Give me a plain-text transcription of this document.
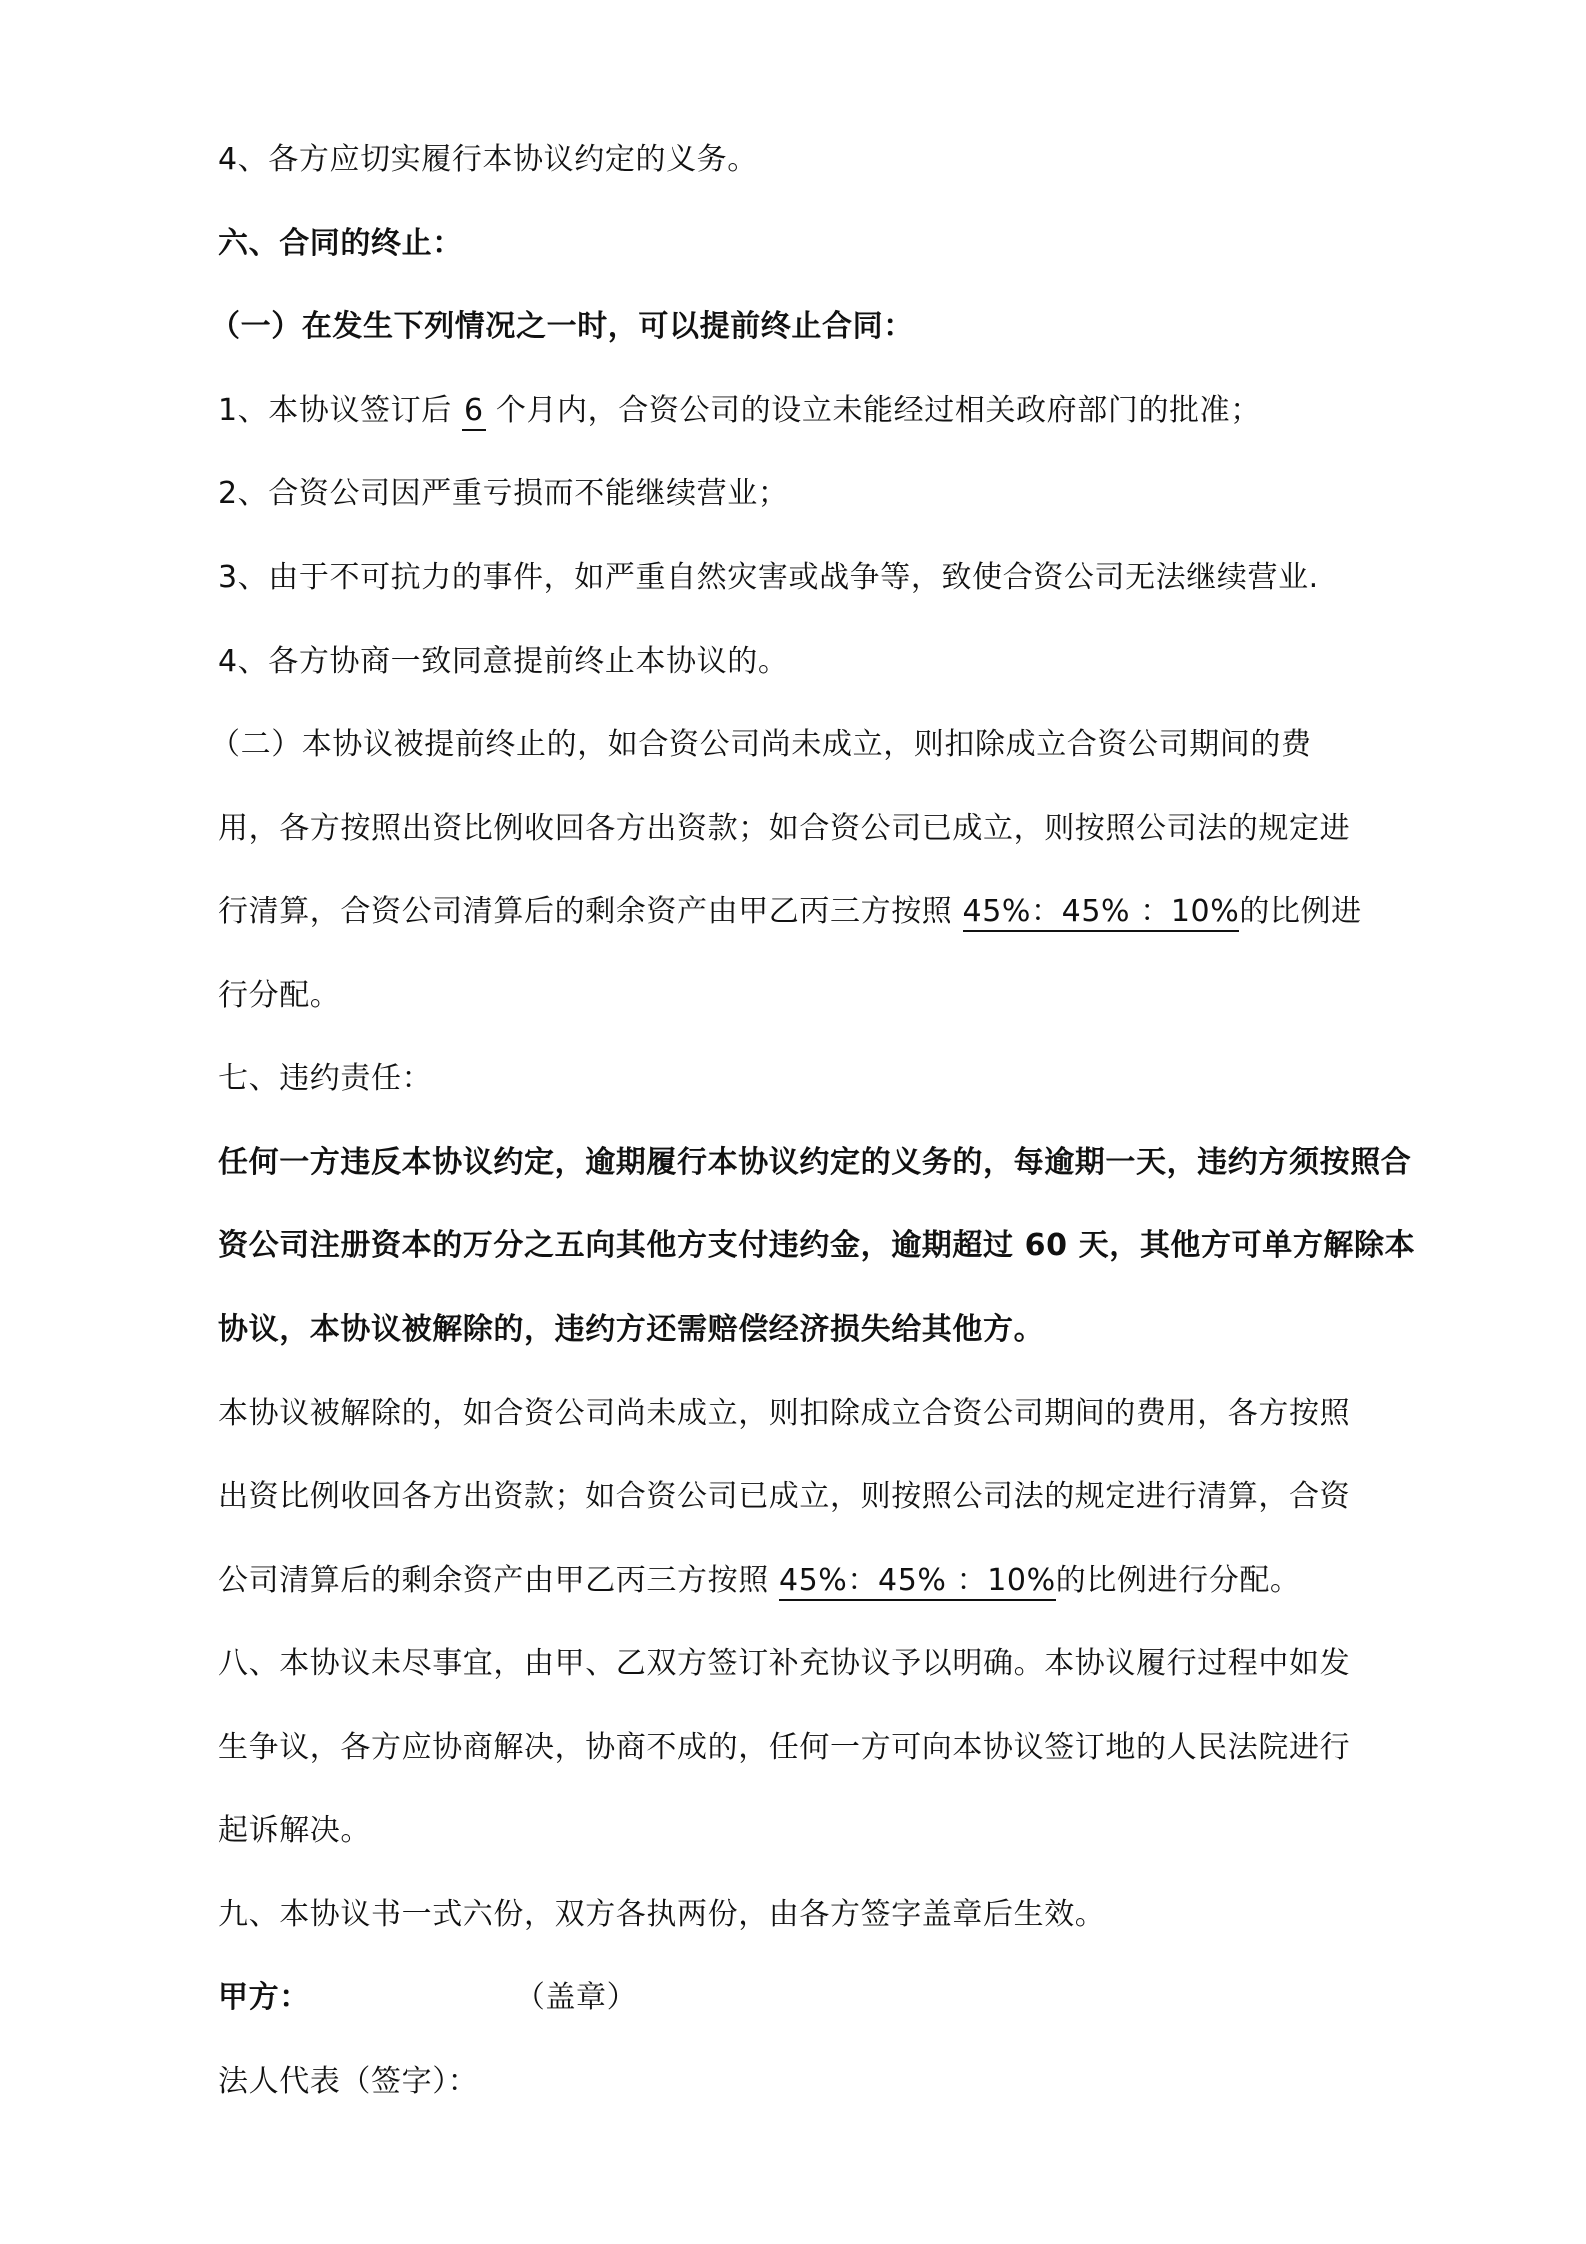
4、各方应切实履行本协议约定的义务。
六、合同的终止：
（一）在发生下列情况之一时，可以提前终止合同：
1、本协议签订后 6 个月内，合资公司的设立未能经过相关政府部门的批准；
2、合资公司因严重亏损而不能继续营业；
3、由于不可抗力的事件，如严重自然灾害或战争等，致使合资公司无法继续营业.
4、各方协商一致同意提前终止本协议的。
（二）本协议被提前终止的，如合资公司尚未成立，则扣除成立合资公司期间的费
用，各方按照出资比例收回各方出资款；如合资公司已成立，则按照公司法的规定进
行清算，合资公司清算后的剩余资产由甲乙丙三方按照 45%：45% ：10%的比例进
行分配。
七、违约责任：
任何一方违反本协议约定，逾期履行本协议约定的义务的，每逾期一天，违约方须按照合
资公司注册资本的万分之五向其他方支付违约金，逾期超过 60 天，其他方可单方解除本
协议，本协议被解除的，违约方还需赔偿经济损失给其他方。
本协议被解除的，如合资公司尚未成立，则扣除成立合资公司期间的费用，各方按照
出资比例收回各方出资款；如合资公司已成立，则按照公司法的规定进行清算，合资
公司清算后的剩余资产由甲乙丙三方按照 45%：45% ：10%的比例进行分配。
八、本协议未尽事宜，由甲、乙双方签订补充协议予以明确。本协议履行过程中如发
生争议，各方应协商解决，协商不成的，任何一方可向本协议签订地的人民法院进行
起诉解决。
九、本协议书一式六份，双方各执两份，由各方签字盖章后生效。
甲方：	（盖章）
法人代表（签字）：
